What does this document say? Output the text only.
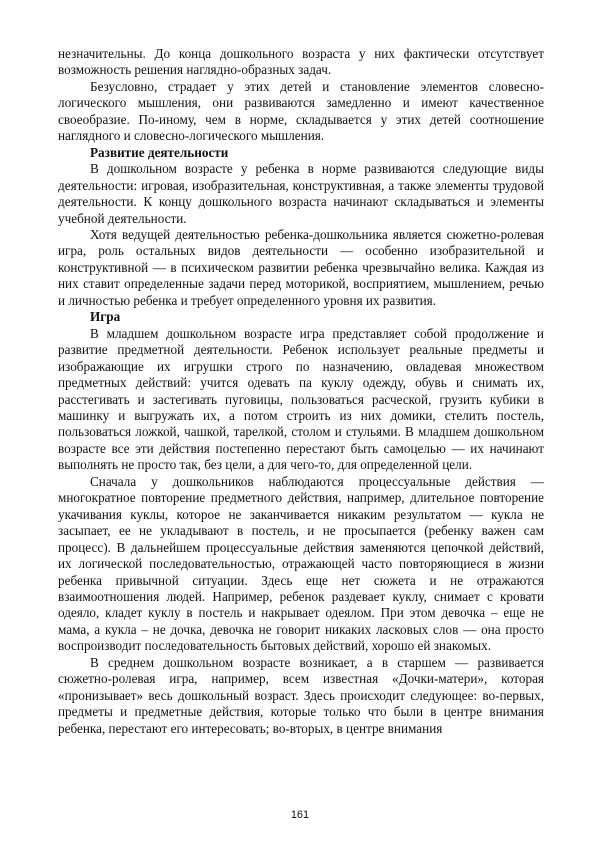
незначительны. До конца дошкольного возраста у них фактически отсутствует возможность решения наглядно-образных задач.

Безусловно, страдает у этих детей и становление элементов словесно-логического мышления, они развиваются замедленно и имеют качественное своеобразие. По-иному, чем в норме, складывается у этих детей соотношение наглядного и словесно-логического мышления.

Развитие деятельности

В дошкольном возрасте у ребенка в норме развиваются следующие виды деятельности: игровая, изобразительная, конструктивная, а также элементы трудовой деятельности. К концу дошкольного возраста начинают складываться и элементы учебной деятельности.

Хотя ведущей деятельностью ребенка-дошкольника является сюжетно-ролевая игра, роль остальных видов деятельности — особенно изобразительной и конструктивной — в психическом развитии ребенка чрезвычайно велика. Каждая из них ставит определенные задачи перед моторикой, восприятием, мышлением, речью и личностью ребенка и требует определенного уровня их развития.

Игра

В младшем дошкольном возрасте игра представляет собой продолжение и развитие предметной деятельности. Ребенок использует реальные предметы и изображающие их игрушки строго по назначению, овладевая множеством предметных действий: учится одевать па куклу одежду, обувь и снимать их, расстегивать и застегивать пуговицы, пользоваться расческой, грузить кубики в машинку и выгружать их, а потом строить из них домики, стелить постель, пользоваться ложкой, чашкой, тарелкой, столом и стульями. В младшем дошкольном возрасте все эти действия постепенно перестают быть самоцелью — их начинают выполнять не просто так, без цели, а для чего-то, для определенной цели.

Сначала у дошкольников наблюдаются процессуальные действия — многократное повторение предметного действия, например, длительное повторение укачивания куклы, которое не заканчивается никаким результатом — кукла не засыпает, ее не укладывают в постель, и не просыпается (ребенку важен сам процесс). В дальнейшем процессуальные действия заменяются цепочкой действий, их логической последовательностью, отражающей часто повторяющиеся в жизни ребенка привычной ситуации. Здесь еще нет сюжета и не отражаются взаимоотношения людей. Например, ребенок раздевает куклу, снимает с кровати одеяло, кладет куклу в постель и накрывает одеялом. При этом девочка – еще не мама, а кукла – не дочка, девочка не говорит никаких ласковых слов — она просто воспроизводит последовательность бытовых действий, хорошо ей знакомых.

В среднем дошкольном возрасте возникает, а в старшем — развивается сюжетно-ролевая игра, например, всем известная «Дочки-матери», которая «пронизывает» весь дошкольный возраст. Здесь происходит следующее: во-первых, предметы и предметные действия, которые только что были в центре внимания ребенка, перестают его интересовать; во-вторых, в центре внимания

161
